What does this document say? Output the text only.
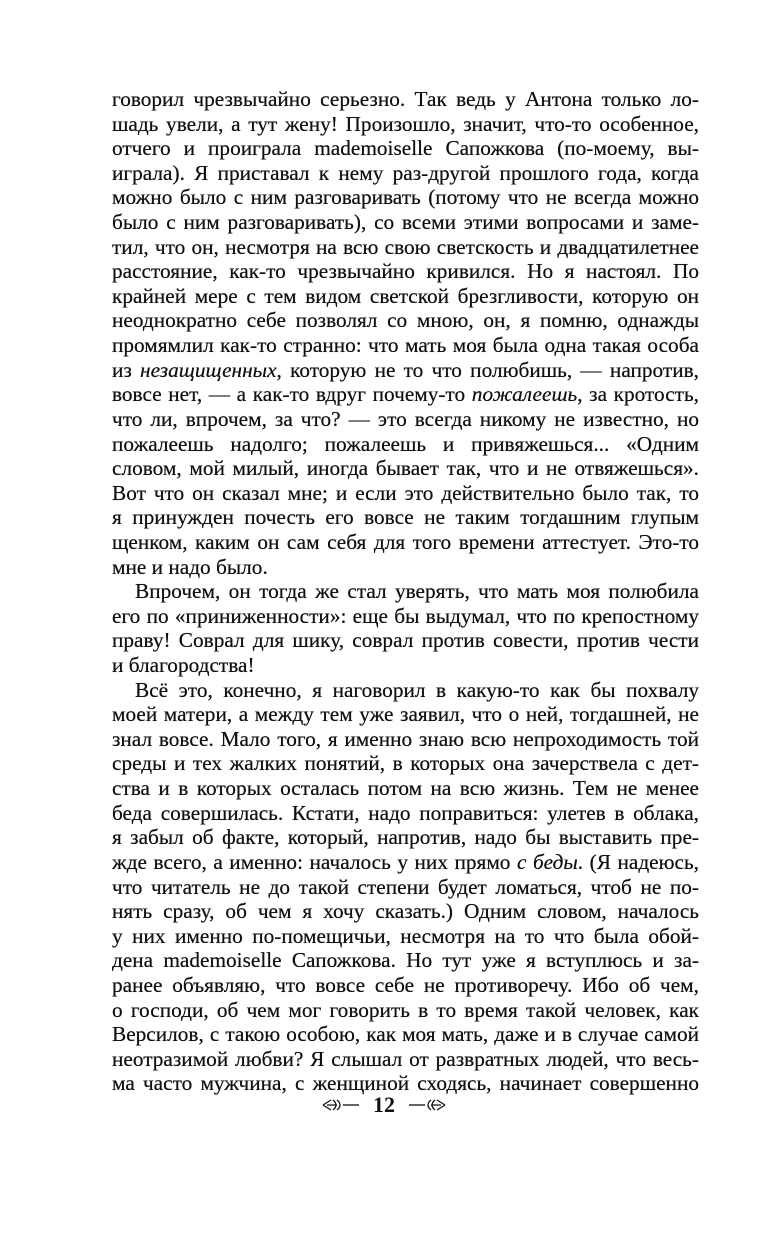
говорил чрезвычайно серьезно. Так ведь у Антона только ло-
шадь увели, а тут жену! Произошло, значит, что-то особенное,
отчего и проиграла mademoiselle Сапожкова (по-моему, вы-
играла). Я приставал к нему раз-другой прошлого года, когда
можно было с ним разговаривать (потому что не всегда можно
было с ним разговаривать), со всеми этими вопросами и заме-
тил, что он, несмотря на всю свою светскость и двадцатилетнее
расстояние, как-то чрезвычайно кривился. Но я настоял. По
крайней мере с тем видом светской брезгливости, которую он
неоднократно себе позволял со мною, он, я помню, однажды
промямлил как-то странно: что мать моя была одна такая особа
из незащищенных, которую не то что полюбишь, — напротив,
вовсе нет, — а как-то вдруг почему-то пожалеешь, за кротость,
что ли, впрочем, за что? — это всегда никому не известно, но
пожалеешь надолго; пожалеешь и привяжешься... «Одним
словом, мой милый, иногда бывает так, что и не отвяжешься».
Вот что он сказал мне; и если это действительно было так, то
я принужден почесть его вовсе не таким тогдашним глупым
щенком, каким он сам себя для того времени аттестует. Это-то
мне и надо было.
Впрочем, он тогда же стал уверять, что мать моя полюбила
его по «приниженности»: еще бы выдумал, что по крепостному
праву! Соврал для шику, соврал против совести, против чести
и благородства!
Всё это, конечно, я наговорил в какую-то как бы похвалу
моей матери, а между тем уже заявил, что о ней, тогдашней, не
знал вовсе. Мало того, я именно знаю всю непроходимость той
среды и тех жалких понятий, в которых она зачерствела с дет-
ства и в которых осталась потом на всю жизнь. Тем не менее
беда совершилась. Кстати, надо поправиться: улетев в облака,
я забыл об факте, который, напротив, надо бы выставить пре-
жде всего, а именно: началось у них прямо с беды. (Я надеюсь,
что читатель не до такой степени будет ломаться, чтоб не по-
нять сразу, об чем я хочу сказать.) Одним словом, началось
у них именно по-помещичьи, несмотря на то что была обой-
дена mademoiselle Сапожкова. Но тут уже я вступлюсь и за-
ранее объявляю, что вовсе себе не противоречу. Ибо об чем,
о господи, об чем мог говорить в то время такой человек, как
Версилов, с такою особою, как моя мать, даже и в случае самой
неотразимой любви? Я слышал от развратных людей, что весь-
ма часто мужчина, с женщиной сходясь, начинает совершенно
12
